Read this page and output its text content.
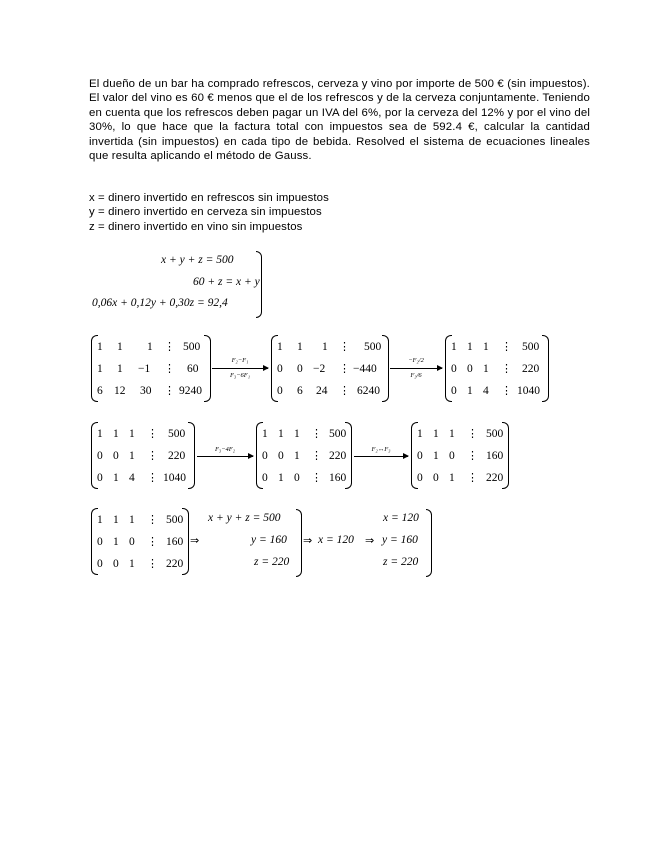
El dueño de un bar ha comprado refrescos, cerveza y vino por importe de 500 € (sin impuestos). El valor del vino es 60 € menos que el de los refrescos y de la cerveza conjuntamente. Teniendo en cuenta que los refrescos deben pagar un IVA del 6%, por la cerveza del 12% y por el vino del 30%, lo que hace que la factura total con impuestos sea de 592.4 €, calcular la cantidad invertida (sin impuestos) en cada tipo de bebida. Resolved el sistema de ecuaciones lineales que resulta aplicando el método de Gauss.

x = dinero invertido en refrescos sin impuestos
y = dinero invertido en cerveza sin impuestos
z = dinero invertido en vino sin impuestos
x + y + z = 500
60 + z = x + y
0,06x + 0,12y + 0,30z = 92,4
1 1 1 ⋮ 500
1 1 −1 ⋮ 60
6 12 30 ⋮ 9240
F₂−F₁
F₃−6F₁
1 1 1 ⋮ 500
0 0 −2 ⋮ −440
0 6 24 ⋮ 6240
−F₂/2
F₃/6
1 1 1 ⋮ 500
0 0 1 ⋮ 220
0 1 4 ⋮ 1040
1 1 1 ⋮ 500
0 0 1 ⋮ 220
0 1 4 ⋮ 1040
F₃−4F₂
1 1 1 ⋮ 500
0 0 1 ⋮ 220
0 1 0 ⋮ 160
F₂↔F₃
1 1 1 ⋮ 500
0 1 0 ⋮ 160
0 0 1 ⋮ 220
1 1 1 ⋮ 500
0 1 0 ⋮ 160
0 0 1 ⋮ 220
⇒
x + y + z = 500
y = 160
z = 220
⇒ x = 120 ⇒
x = 120
y = 160
z = 220
